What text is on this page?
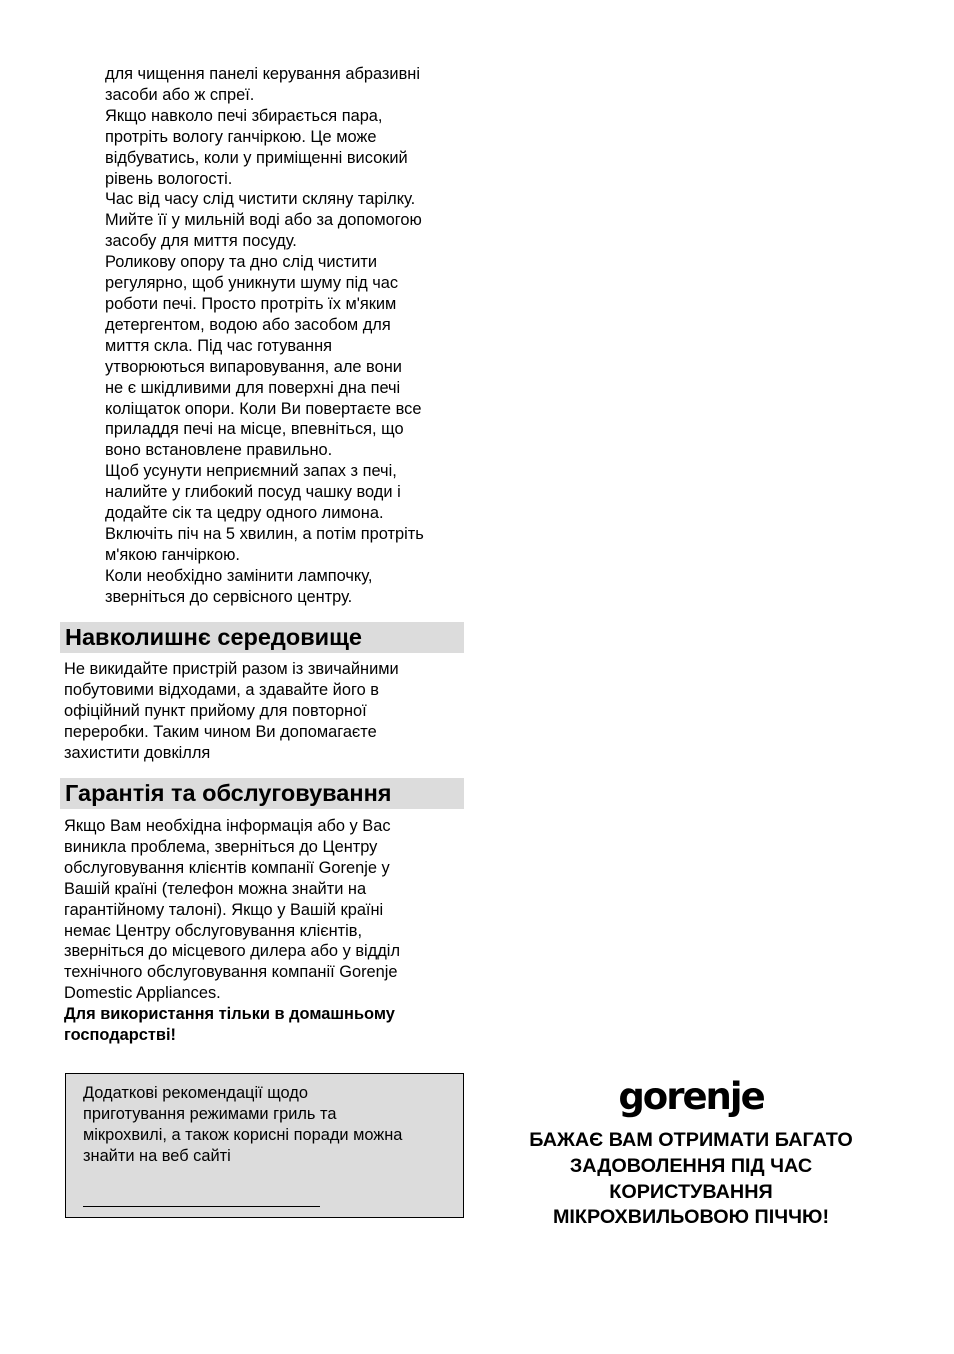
для чищення панелі керування абразивні

засоби або ж спреї.

Якщо навколо печі збирається пара,

протріть вологу ганчіркою. Це може

відбуватись, коли у приміщенні високий

рівень вологості.

Час від часу слід чистити скляну тарілку.

Мийте її у мильній воді або за допомогою

засобу для миття посуду.

Роликову опору та дно слід чистити

регулярно, щоб уникнути шуму під час

роботи печі. Просто протріть їх м'яким

детергентом, водою або засобом для

миття скла. Під час готування

утворюються випаровування, але вони

не є шкідливими для поверхні дна печі

коліщаток опори. Коли Ви повертаєте все

приладдя печі на місце, впевніться, що

воно встановлене правильно.

Щоб усунути неприємний запах з печі,

налийте у глибокий посуд чашку води і

додайте сік та цедру одного лимона.

Включіть піч на 5 хвилин, а потім протріть

м'якою ганчіркою.

Коли необхідно замінити лампочку,

зверніться до сервісного центру.

Навколишнє середовище

Не викидайте пристрій разом із звичайними

побутовими відходами, а здавайте його в

офіційний пункт прийому для повторної

переробки. Таким чином Ви допомагаєте

захистити довкілля

Гарантія та обслуговування

Якщо Вам необхідна інформація або у Вас

виникла проблема, зверніться до Центру

обслуговування клієнтів компанії Gorenje у

Вашій країні (телефон можна знайти на

гарантійному талоні). Якщо у Вашій країні

немає Центру обслуговування клієнтів,

зверніться до місцевого дилера або у відділ

технічного обслуговування компанії Gorenje

Domestic Appliances.

Для використання тільки в домашньому

господарстві!

Додаткові рекомендації щодо
приготування режимами гриль та
мікрохвилі, а також корисні поради можна
знайти на веб сайті
gorenje
БАЖАЄ ВАМ ОТРИМАТИ БАГАТО
ЗАДОВОЛЕННЯ ПІД ЧАС
КОРИСТУВАННЯ
МІКРОХВИЛЬОВОЮ ПІЧЧЮ!
